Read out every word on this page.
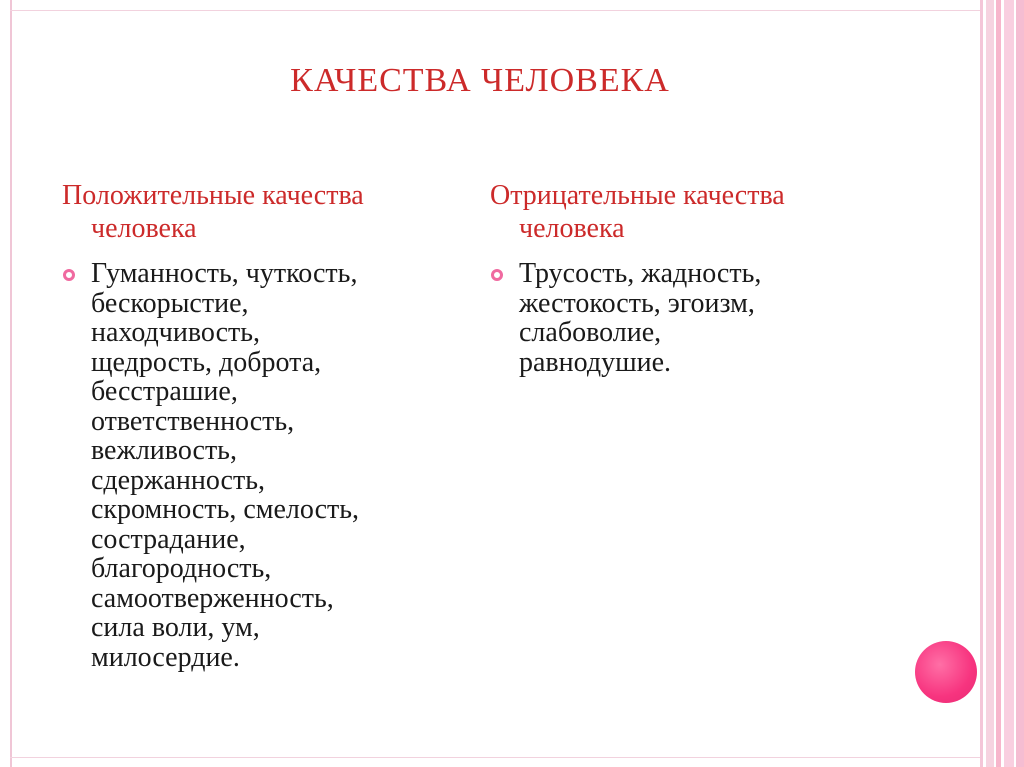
КАЧЕСТВА ЧЕЛОВЕКА
Положительные качества
человека
Гуманность, чуткость,
бескорыстие,
находчивость,
щедрость, доброта,
бесстрашие,
ответственность,
вежливость,
сдержанность,
скромность, смелость,
сострадание,
благородность,
самоотверженность,
сила воли, ум,
милосердие.
Отрицательные качества
человека
Трусость, жадность,
жестокость, эгоизм,
слабоволие,
равнодушие.
